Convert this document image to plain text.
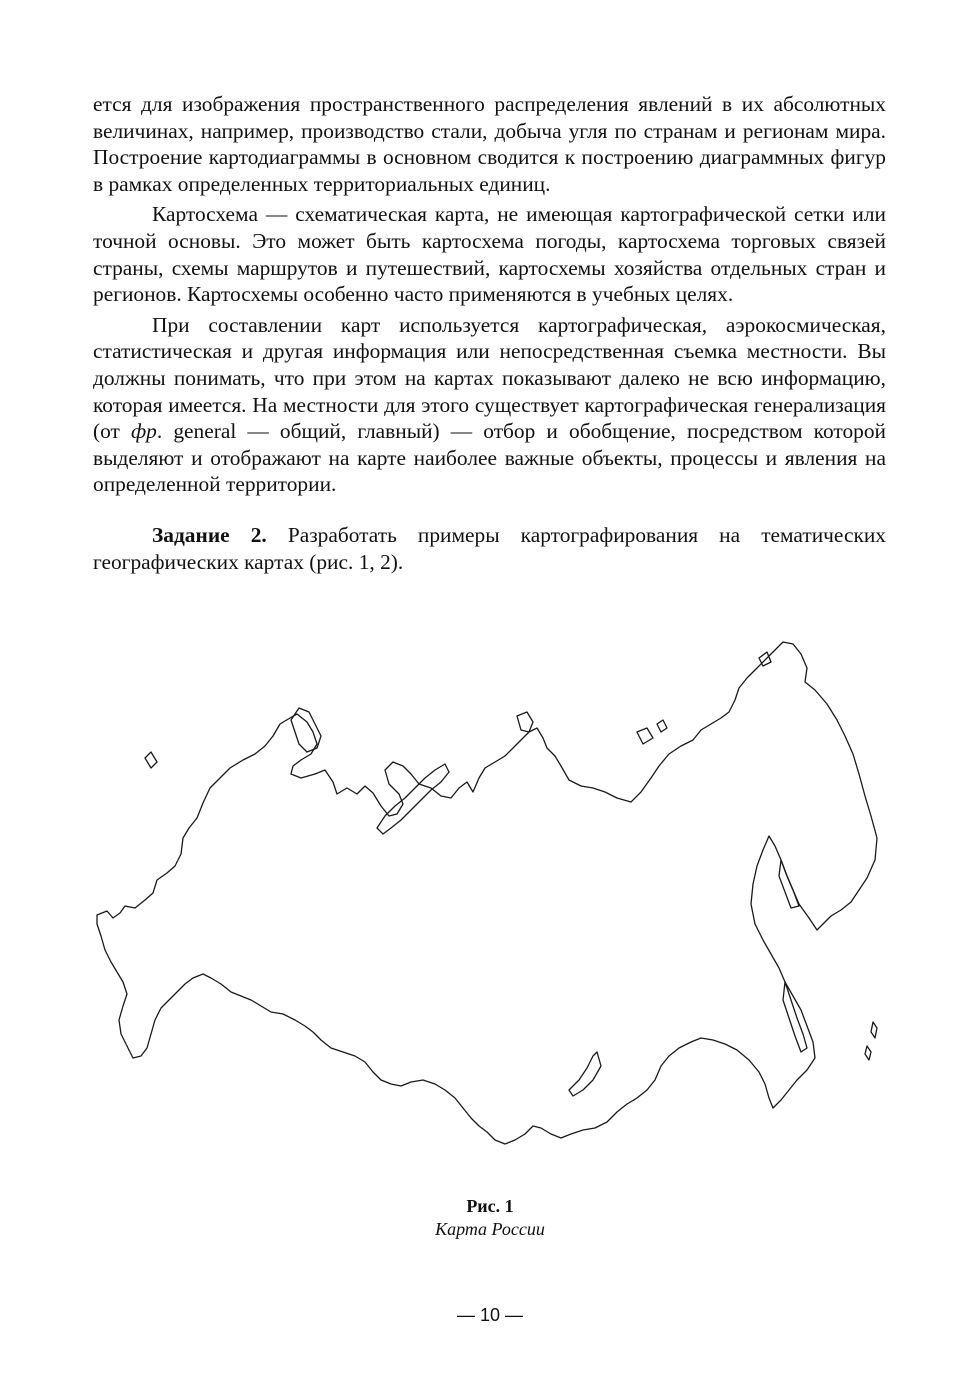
ется для изображения пространственного распределения явлений в их абсолютных величинах, например, производство стали, добыча угля по странам и регионам мира. Построение картодиаграммы в основном сводится к построению диаграммных фигур в рамках определенных территориальных единиц.

Картосхема — схематическая карта, не имеющая картографической сетки или точной основы. Это может быть картосхема погоды, картосхема торговых связей страны, схемы маршрутов и путешествий, картосхемы хозяйства отдельных стран и регионов. Картосхемы особенно часто применяются в учебных целях.

При составлении карт используется картографическая, аэрокосмическая, статистическая и другая информация или непосредственная съемка местности. Вы должны понимать, что при этом на картах показывают далеко не всю информацию, которая имеется. На местности для этого существует картографическая генерализация (от фр. general — общий, главный) — отбор и обобщение, посредством которой выделяют и отображают на карте наиболее важные объекты, процессы и явления на определенной территории.

Задание 2. Разработать примеры картографирования на тематических географических картах (рис. 1, 2).

Рис. 1
Карта России
— 10 —
